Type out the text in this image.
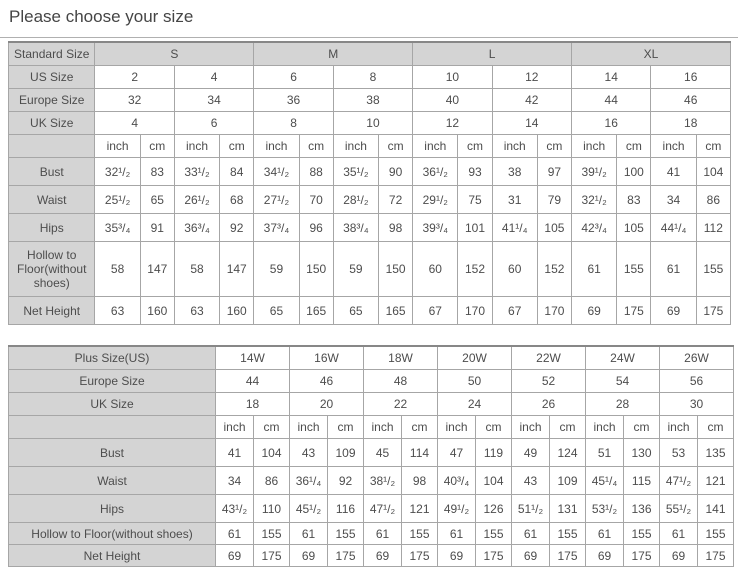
Please choose your size
Standard Size	S				M				L				XL			
US Size	2		4		6		8		10		12		14		16	
Europe Size	32		34		36		38		40		42		44		46	
UK Size	4		6		8		10		12		14		16		18	
	inch	cm	inch	cm	inch	cm	inch	cm	inch	cm	inch	cm	inch	cm	inch	cm
Bust	32¹/₂	83	33¹/₂	84	34¹/₂	88	35¹/₂	90	36¹/₂	93	38	97	39¹/₂	100	41	104
Waist	25¹/₂	65	26¹/₂	68	27¹/₂	70	28¹/₂	72	29¹/₂	75	31	79	32¹/₂	83	34	86
Hips	35³/₄	91	36³/₄	92	37³/₄	96	38³/₄	98	39³/₄	101	41¹/₄	105	42³/₄	105	44¹/₄	112
Hollow to Floor(without shoes)	58	147	58	147	59	150	59	150	60	152	60	152	61	155	61	155
Net Height	63	160	63	160	65	165	65	165	67	170	67	170	69	175	69	175
Plus Size(US)	14W		16W		18W		20W		22W		24W		26W	
Europe Size	44		46		48		50		52		54		56	
UK Size	18		20		22		24		26		28		30	
	inch	cm	inch	cm	inch	cm	inch	cm	inch	cm	inch	cm	inch	cm
Bust	41	104	43	109	45	114	47	119	49	124	51	130	53	135
Waist	34	86	36¹/₄	92	38¹/₂	98	40³/₄	104	43	109	45¹/₄	115	47¹/₂	121
Hips	43¹/₂	110	45¹/₂	116	47¹/₂	121	49¹/₂	126	51¹/₂	131	53¹/₂	136	55¹/₂	141
Hollow to Floor(without shoes)	61	155	61	155	61	155	61	155	61	155	61	155	61	155
Net Height	69	175	69	175	69	175	69	175	69	175	69	175	69	175
